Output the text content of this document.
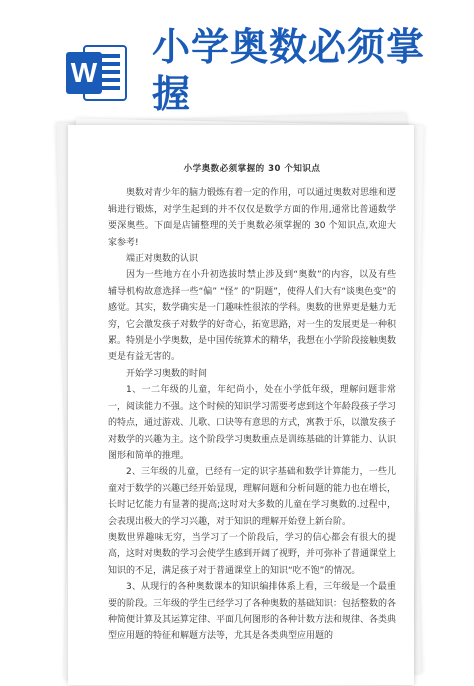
W
小学奥数必须掌握
小学奥数必须掌握的 30 个知识点

奥数对青少年的脑力锻炼有着一定的作用，可以通过奥数对思维和逻辑进行锻炼，对学生起到的并不仅仅是数学方面的作用,通常比普通数学要深奥些。下面是店铺整理的关于奥数必须掌握的 30 个知识点,欢迎大家参考!

端正对奥数的认识

因为一些地方在小升初选拔时禁止涉及到“奥数”的内容，以及有些辅导机构故意选择一些“偏” “怪” 的“阴题”，使得人们大有“谈奥色变”的感觉。其实，数学确实是一门趣味性很浓的学科。奥数的世界更是魅力无穷，它会激发孩子对数学的好奇心，拓宽思路，对一生的发展更是一种积累。特别是小学奥数，是中国传统算术的精华，我想在小学阶段接触奥数更是有益无害的。

开始学习奥数的时间

1、一二年级的儿童，年纪尚小，处在小学低年级，理解问题非常一，阅读能力不强。这个时候的知识学习需要考虑到这个年龄段孩子学习的特点，通过游戏、儿歌、口诀等有意思的方式，寓教于乐，以激发孩子对数学的兴趣为主。这个阶段学习奥数重点是训练基础的计算能力、认识图形和简单的推理。

2、三年级的儿童，已经有一定的识字基础和数学计算能力，一些儿童对于数学的兴趣已经开始显现，理解问题和分析问题的能力也在增长，长时记忆能力有显著的提高;这时对大多数的儿童在学习奥数的.过程中，会表现出极大的学习兴趣，对于知识的理解开始登上新台阶。

奥数世界趣味无穷，当学习了一个阶段后，学习的信心都会有很大的提高，这时对奥数的学习会使学生感到开阔了视野，并可弥补了普通课堂上知识的不足，满足孩子对于普通课堂上的知识“吃不饱”的情况。

3、从现行的各种奥数课本的知识编排体系上看，三年级是一个最重要的阶段。三年级的学生已经学习了各种奥数的基础知识：包括整数的各种简便计算及其运算定律、平面几何图形的各种计数方法和规律、各类典型应用题的特征和解题方法等，尤其是各类典型应用题的
